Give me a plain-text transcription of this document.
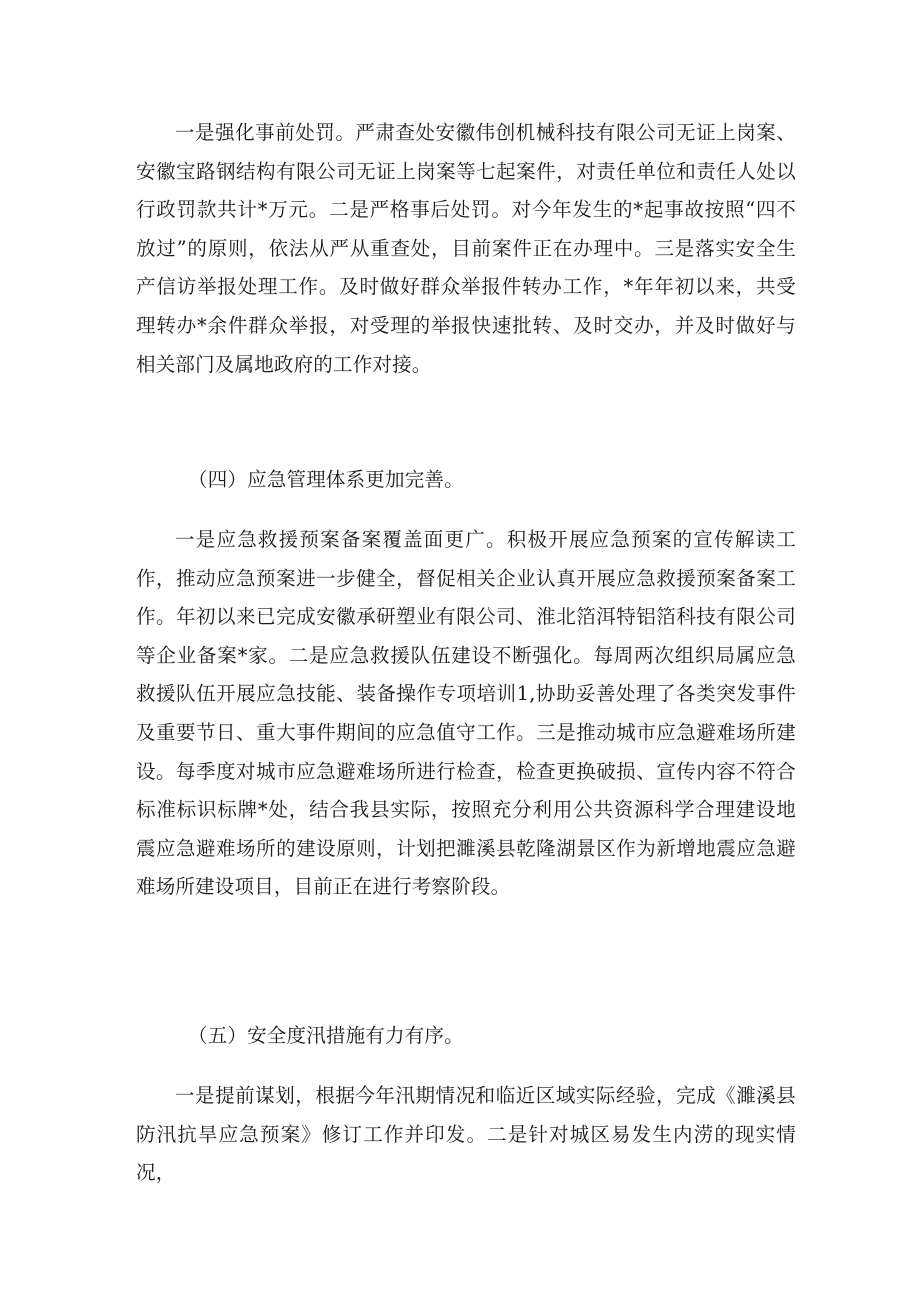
一是强化事前处罚。严肃查处安徽伟创机械科技有限公司无证上岗案、安徽宝路钢结构有限公司无证上岗案等七起案件，对责任单位和责任人处以行政罚款共计*万元。二是严格事后处罚。对今年发生的*起事故按照“四不放过”的原则，依法从严从重查处，目前案件正在办理中。三是落实安全生产信访举报处理工作。及时做好群众举报件转办工作，*年年初以来，共受理转办*余件群众举报，对受理的举报快速批转、及时交办，并及时做好与相关部门及属地政府的工作对接。

（四）应急管理体系更加完善。

一是应急救援预案备案覆盖面更广。积极开展应急预案的宣传解读工作，推动应急预案进一步健全，督促相关企业认真开展应急救援预案备案工作。年初以来已完成安徽承研塑业有限公司、淮北箔洱特铝箔科技有限公司等企业备案*家。二是应急救援队伍建设不断强化。每周两次组织局属应急救援队伍开展应急技能、装备操作专项培训1,协助妥善处理了各类突发事件及重要节日、重大事件期间的应急值守工作。三是推动城市应急避难场所建设。每季度对城市应急避难场所进行检查，检查更换破损、宣传内容不符合标准标识标牌*处，结合我县实际，按照充分利用公共资源科学合理建设地震应急避难场所的建设原则，计划把濉溪县乾隆湖景区作为新增地震应急避难场所建设项目，目前正在进行考察阶段。

（五）安全度汛措施有力有序。

一是提前谋划，根据今年汛期情况和临近区域实际经验，完成《濉溪县防汛抗旱应急预案》修订工作并印发。二是针对城区易发生内涝的现实情况，
